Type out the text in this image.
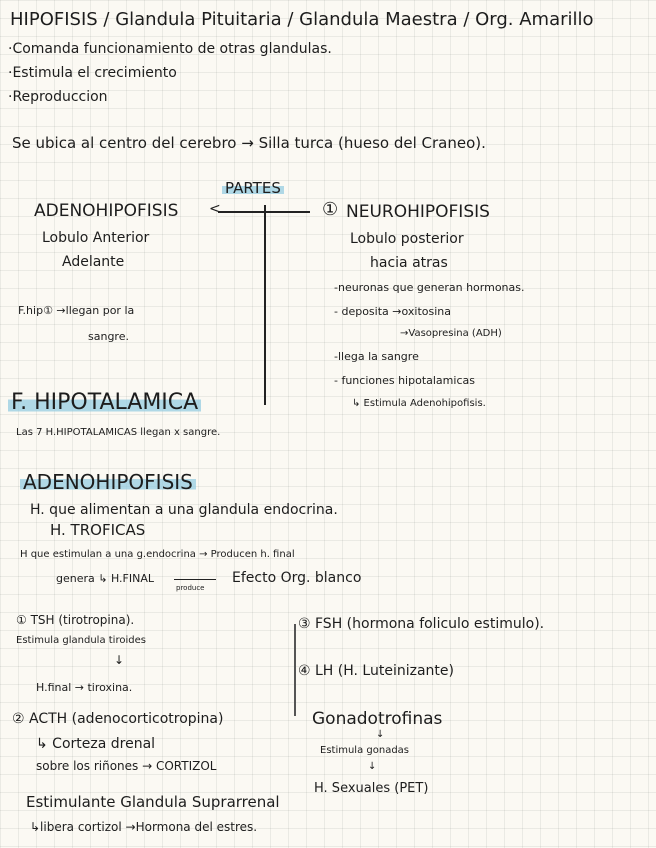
HIPOFISIS / Glandula Pituitaria / Glandula Maestra / Org. Amarillo
·Comanda funcionamiento de otras glandulas.
·Estimula el crecimiento
·Reproduccion
Se ubica al centro del cerebro → Silla turca (hueso del Craneo).
PARTES
<
ADENOHIPOFISIS
Lobulo Anterior
Adelante
F.hip① →llegan por la
sangre.
① NEUROHIPOFISIS
Lobulo posterior
hacia atras
-neuronas que generan hormonas.
- deposita →oxitosina
→Vasopresina (ADH)
-llega la sangre
- funciones hipotalamicas
↳ Estimula Adenohipofisis.
F. HIPOTALAMICA
Las 7 H.HIPOTALAMICAS llegan x sangre.
ADENOHIPOFISIS
H. que alimentan a una glandula endocrina.
H. TROFICAS
H que estimulan a una g.endocrina → Producen h. final
genera ↳ H.FINAL
produce
Efecto Org. blanco
① TSH (tirotropina).
Estimula glandula tiroides
↓
H.final → tiroxina.
② ACTH (adenocorticotropina)
↳ Corteza drenal
sobre los riñones → CORTIZOL
Estimulante Glandula Suprarrenal
↳libera cortizol →Hormona del estres.
③ FSH (hormona foliculo estimulo).
④ LH (H. Luteinizante)
Gonadotrofinas
↓
Estimula gonadas
↓
H. Sexuales (PET)
